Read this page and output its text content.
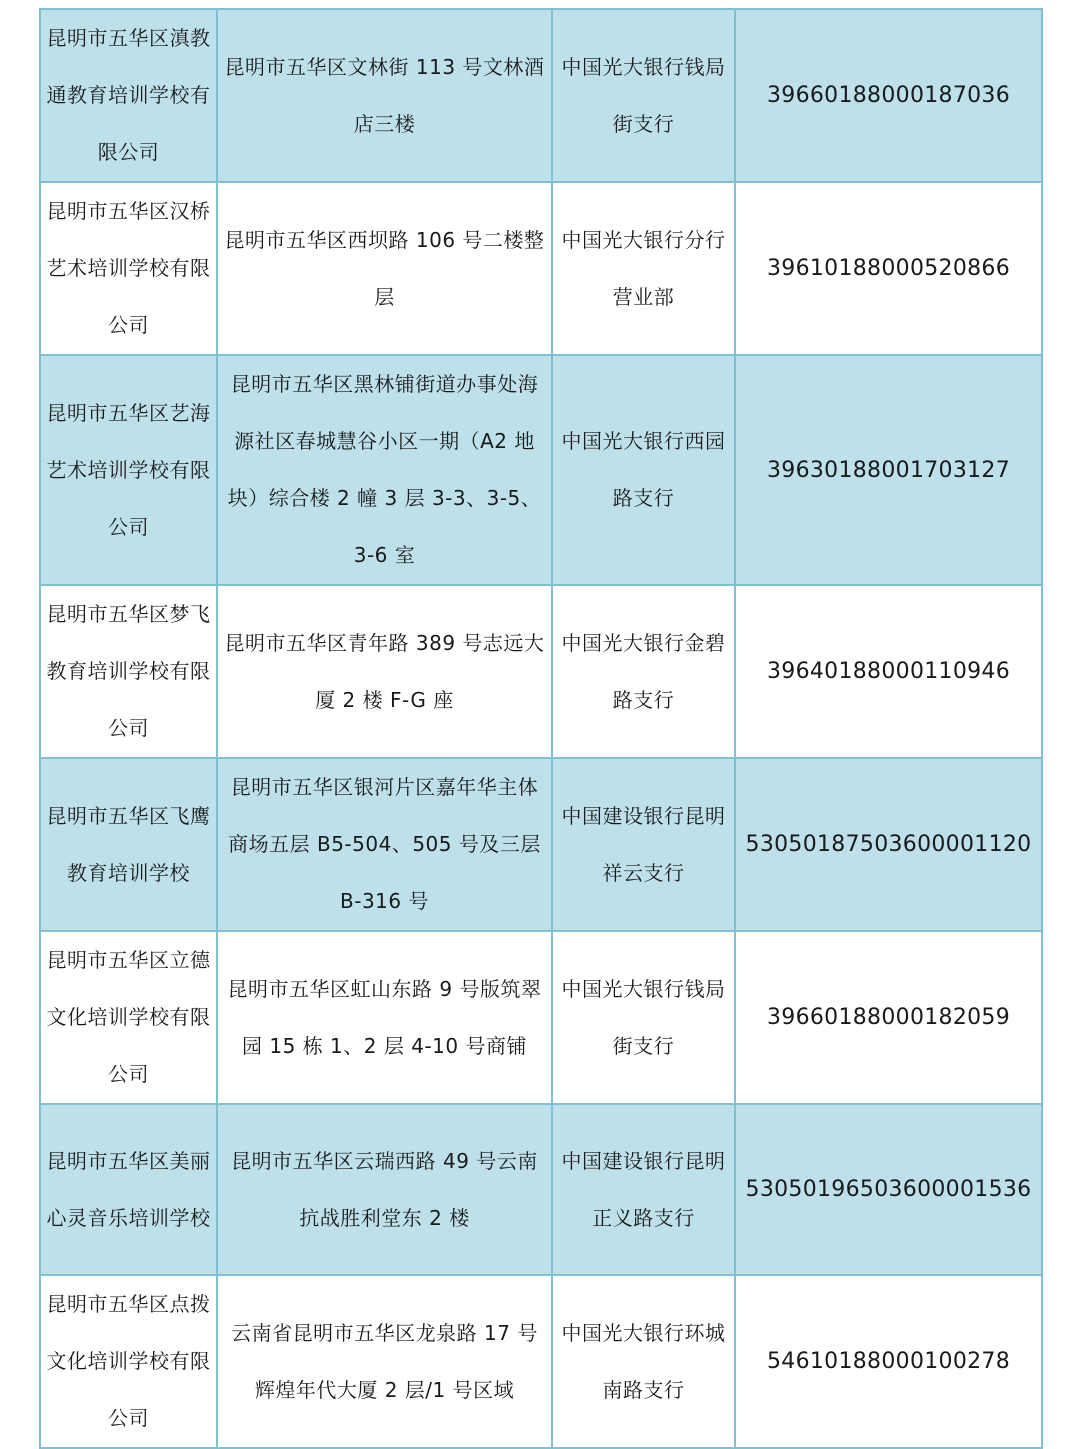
昆明市五华区滇教通教育培训学校有限公司	昆明市五华区文林街 113 号文林酒店三楼	中国光大银行钱局街支行	39660188000187036
昆明市五华区汉桥艺术培训学校有限公司	昆明市五华区西坝路 106 号二楼整层	中国光大银行分行营业部	39610188000520866
昆明市五华区艺海艺术培训学校有限公司	昆明市五华区黑林铺街道办事处海源社区春城慧谷小区一期（A2 地块）综合楼 2 幢 3 层 3-3、3-5、3-6 室	中国光大银行西园路支行	39630188001703127
昆明市五华区梦飞教育培训学校有限公司	昆明市五华区青年路 389 号志远大厦 2 楼 F-G 座	中国光大银行金碧路支行	39640188000110946
昆明市五华区飞鹰教育培训学校	昆明市五华区银河片区嘉年华主体商场五层 B5-504、505 号及三层 B-316 号	中国建设银行昆明祥云支行	53050187503600001120
昆明市五华区立德文化培训学校有限公司	昆明市五华区虹山东路 9 号版筑翠园 15 栋 1、2 层 4-10 号商铺	中国光大银行钱局街支行	39660188000182059
昆明市五华区美丽心灵音乐培训学校	昆明市五华区云瑞西路 49 号云南抗战胜利堂东 2 楼	中国建设银行昆明正义路支行	53050196503600001536
昆明市五华区点拨文化培训学校有限公司	云南省昆明市五华区龙泉路 17 号辉煌年代大厦 2 层/1 号区域	中国光大银行环城南路支行	54610188000100278
